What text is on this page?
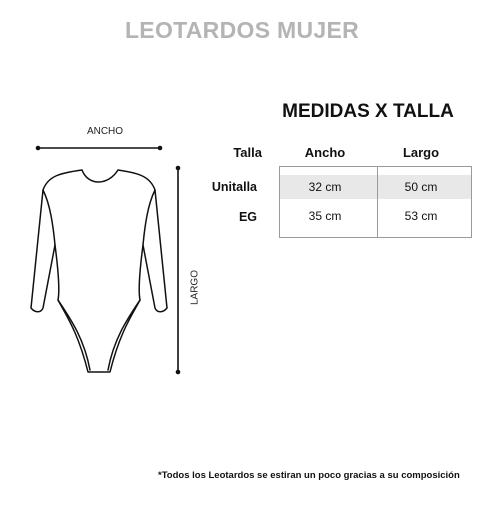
LEOTARDOS MUJER
ANCHO
LARGO
MEDIDAS X TALLA
Talla	Ancho	Largo
Unitalla	32 cm	50 cm
EG	35 cm	53 cm
*Todos los Leotardos se estiran un poco gracias a su composición
